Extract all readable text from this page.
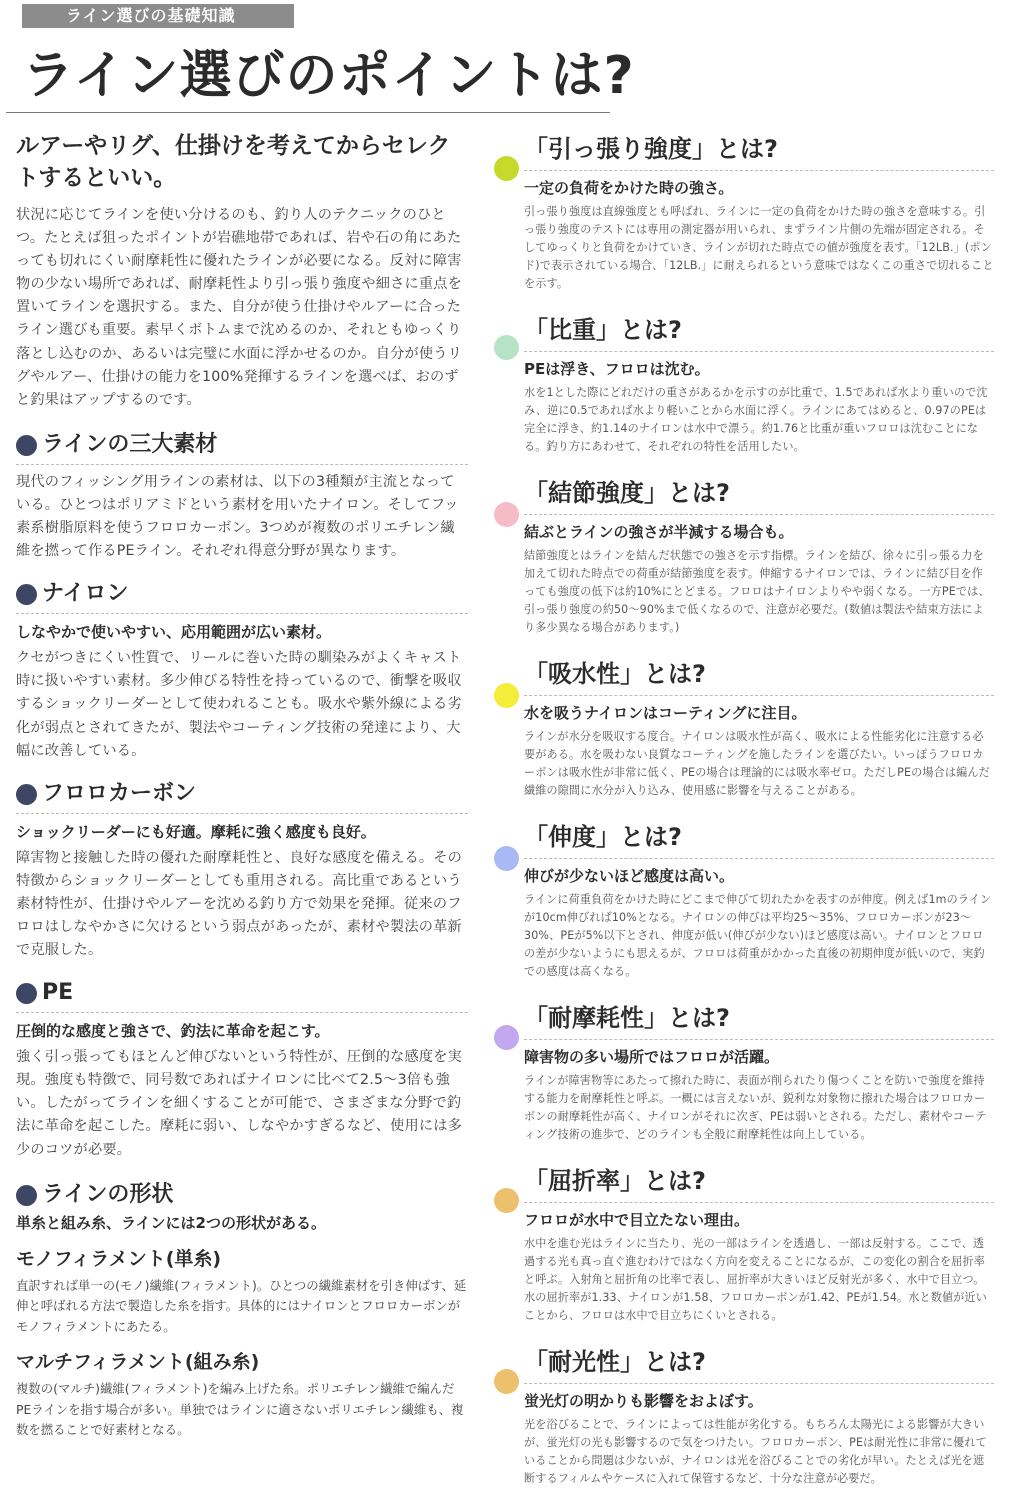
ライン選びの基礎知識
ライン選びのポイントは?
ルアーやリグ、仕掛けを考えてからセレクトするといい。

状況に応じてラインを使い分けるのも、釣り人のテクニックのひとつ。たとえば狙ったポイントが岩礁地帯であれば、岩や石の角にあたっても切れにくい耐摩耗性に優れたラインが必要になる。反対に障害物の少ない場所であれば、耐摩耗性より引っ張り強度や細さに重点を置いてラインを選択する。また、自分が使う仕掛けやルアーに合ったライン選びも重要。素早くボトムまで沈めるのか、それともゆっくり落とし込むのか、あるいは完璧に水面に浮かせるのか。自分が使うリグやルアー、仕掛けの能力を100%発揮するラインを選べば、おのずと釣果はアップするのです。

ラインの三大素材

現代のフィッシング用ラインの素材は、以下の3種類が主流となっている。ひとつはポリアミドという素材を用いたナイロン。そしてフッ素系樹脂原料を使うフロロカーボン。3つめが複数のポリエチレン繊維を撚って作るPEライン。それぞれ得意分野が異なります。

ナイロン
しなやかで使いやすい、応用範囲が広い素材。

クセがつきにくい性質で、リールに巻いた時の馴染みがよくキャスト時に扱いやすい素材。多少伸びる特性を持っているので、衝撃を吸収するショックリーダーとして使われることも。吸水や紫外線による劣化が弱点とされてきたが、製法やコーティング技術の発達により、大幅に改善している。

フロロカーボン
ショックリーダーにも好適。摩耗に強く感度も良好。

障害物と接触した時の優れた耐摩耗性と、良好な感度を備える。その特徴からショックリーダーとしても重用される。高比重であるという素材特性が、仕掛けやルアーを沈める釣り方で効果を発揮。従来のフロロはしなやかさに欠けるという弱点があったが、素材や製法の革新で克服した。

PE
圧倒的な感度と強さで、釣法に革命を起こす。

強く引っ張ってもほとんど伸びないという特性が、圧倒的な感度を実現。強度も特徴で、同号数であればナイロンに比べて2.5〜3倍も強い。したがってラインを細くすることが可能で、さまざまな分野で釣法に革命を起こした。摩耗に弱い、しなやかすぎるなど、使用には多少のコツが必要。

ラインの形状
単糸と組み糸、ラインには2つの形状がある。
モノフィラメント(単糸)

直訳すれば単一の(モノ)繊維(フィラメント)。ひとつの繊維素材を引き伸ばす、延伸と呼ばれる方法で製造した糸を指す。具体的にはナイロンとフロロカーボンがモノフィラメントにあたる。

マルチフィラメント(組み糸)

複数の(マルチ)繊維(フィラメント)を編み上げた糸。ポリエチレン繊維で編んだPEラインを指す場合が多い。単独ではラインに適さないポリエチレン繊維も、複数を撚ることで好素材となる。

「引っ張り強度」とは?
一定の負荷をかけた時の強さ。

引っ張り強度は直線強度とも呼ばれ、ラインに一定の負荷をかけた時の強さを意味する。引っ張り強度のテストには専用の測定器が用いられ、まずライン片側の先端が固定される。そしてゆっくりと負荷をかけていき、ラインが切れた時点での値が強度を表す。「12LB.」(ポンド)で表示されている場合、「12LB.」に耐えられるという意味ではなくこの重さで切れることを示す。

「比重」とは?
PEは浮き、フロロは沈む。

水を1とした際にどれだけの重さがあるかを示すのが比重で、1.5であれば水より重いので沈み、逆に0.5であれば水より軽いことから水面に浮く。ラインにあてはめると、0.97のPEは完全に浮き、約1.14のナイロンは水中で漂う。約1.76と比重が重いフロロは沈むことになる。釣り方にあわせて、それぞれの特性を活用したい。

「結節強度」とは?
結ぶとラインの強さが半減する場合も。

結節強度とはラインを結んだ状態での強さを示す指標。ラインを結び、徐々に引っ張る力を加えて切れた時点での荷重が結節強度を表す。伸縮するナイロンでは、ラインに結び目を作っても強度の低下は約10%にとどまる。フロロはナイロンよりやや弱くなる。一方PEでは、引っ張り強度の約50〜90%まで低くなるので、注意が必要だ。(数値は製法や結束方法により多少異なる場合があります。)

「吸水性」とは?
水を吸うナイロンはコーティングに注目。

ラインが水分を吸収する度合。ナイロンは吸水性が高く、吸水による性能劣化に注意する必要がある。水を吸わない良質なコーティングを施したラインを選びたい。いっぽうフロロカーボンは吸水性が非常に低く、PEの場合は理論的には吸水率ゼロ。ただしPEの場合は編んだ繊維の隙間に水分が入り込み、使用感に影響を与えることがある。

「伸度」とは?
伸びが少ないほど感度は高い。

ラインに荷重負荷をかけた時にどこまで伸びて切れたかを表すのが伸度。例えば1mのラインが10cm伸びれば10%となる。ナイロンの伸びは平均25〜35%、フロロカーボンが23〜30%、PEが5%以下とされ、伸度が低い(伸びが少ない)ほど感度は高い。ナイロンとフロロの差が少ないようにも思えるが、フロロは荷重がかかった直後の初期伸度が低いので、実釣での感度は高くなる。

「耐摩耗性」とは?
障害物の多い場所ではフロロが活躍。

ラインが障害物等にあたって擦れた時に、表面が削られたり傷つくことを防いで強度を維持する能力を耐摩耗性と呼ぶ。一概には言えないが、鋭利な対象物に擦れた場合はフロロカーボンの耐摩耗性が高く、ナイロンがそれに次ぎ、PEは弱いとされる。ただし、素材やコーティング技術の進歩で、どのラインも全般に耐摩耗性は向上している。

「屈折率」とは?
フロロが水中で目立たない理由。

水中を進む光はラインに当たり、光の一部はラインを透過し、一部は反射する。ここで、透過する光も真っ直ぐ進むわけではなく方向を変えることになるが、この変化の割合を屈折率と呼ぶ。入射角と屈折角の比率で表し、屈折率が大きいほど反射光が多く、水中で目立つ。水の屈折率が1.33、ナイロンが1.58、フロロカーボンが1.42、PEが1.54。水と数値が近いことから、フロロは水中で目立ちにくいとされる。

「耐光性」とは?
蛍光灯の明かりも影響をおよぼす。

光を浴びることで、ラインによっては性能が劣化する。もちろん太陽光による影響が大きいが、蛍光灯の光も影響するので気をつけたい。フロロカーボン、PEは耐光性に非常に優れていることから問題は少ないが、ナイロンは光を浴びることでの劣化が早い。たとえば光を遮断するフィルムやケースに入れて保管するなど、十分な注意が必要だ。
